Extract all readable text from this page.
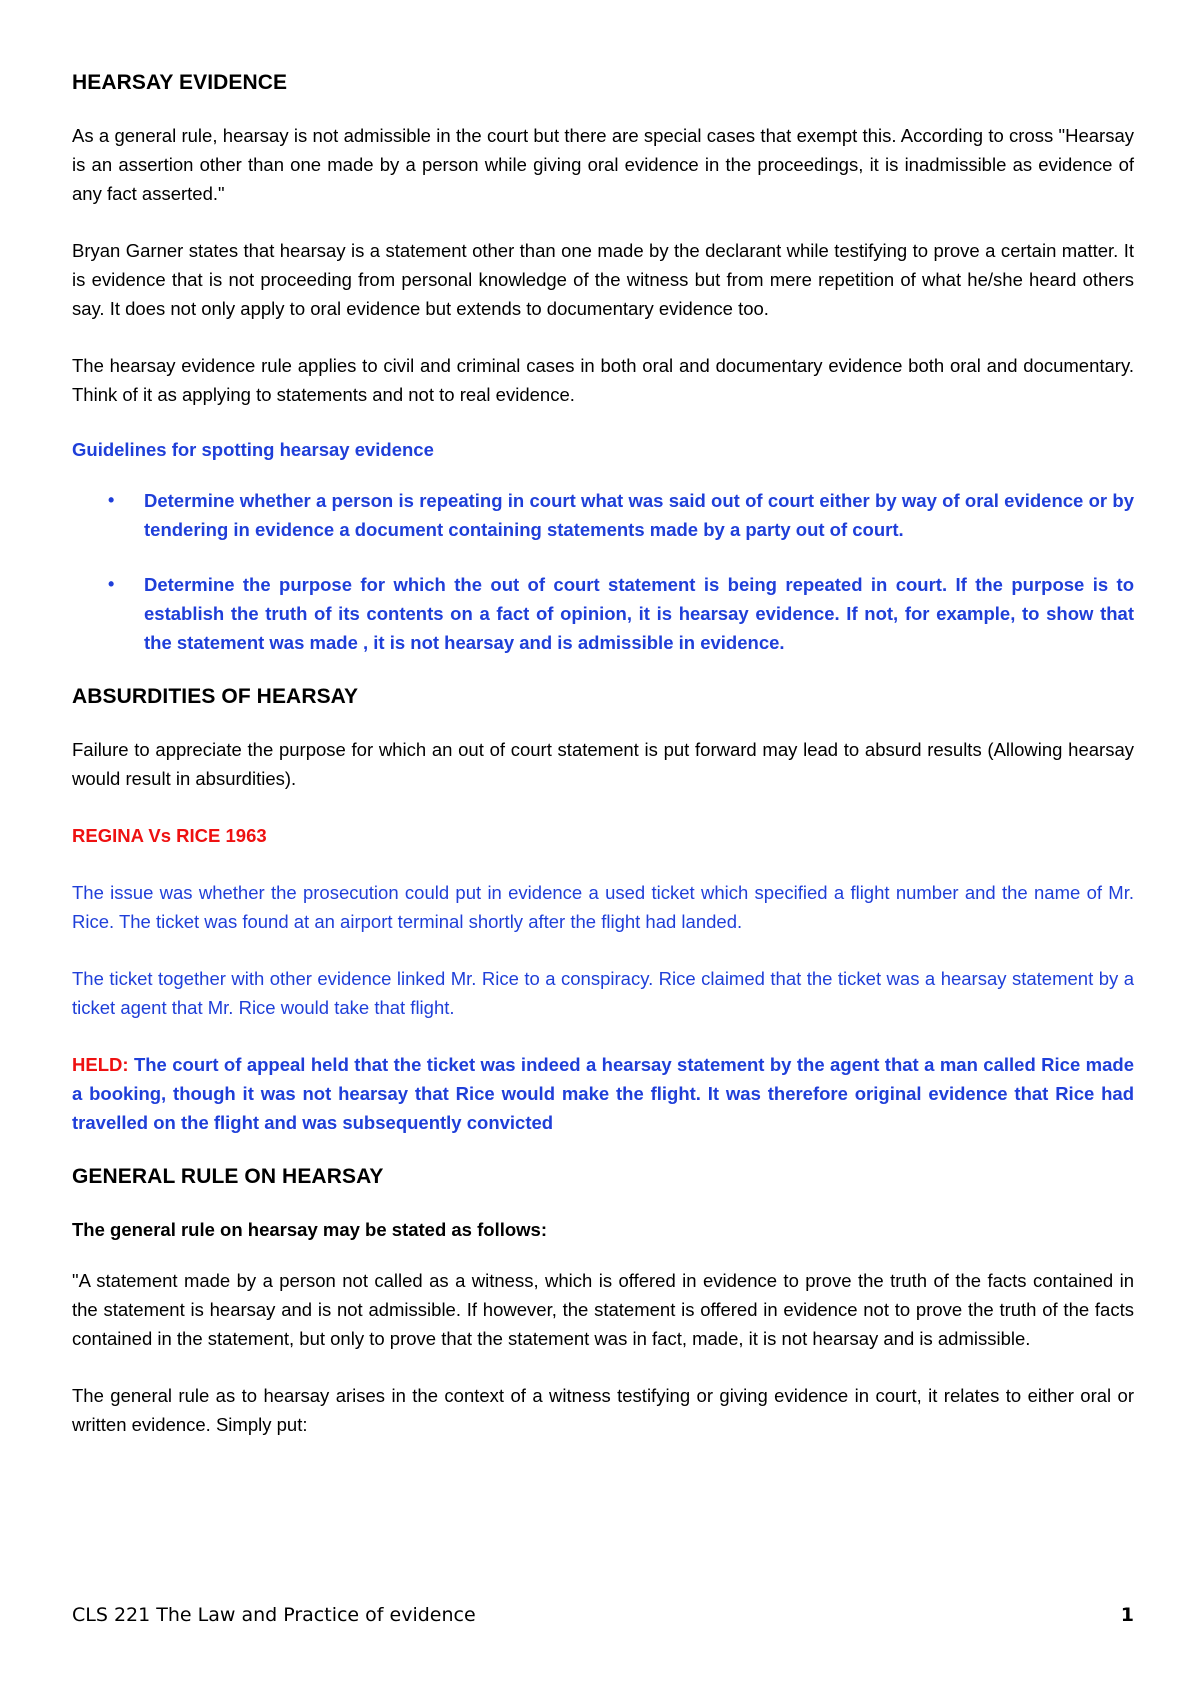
HEARSAY EVIDENCE

As a general rule, hearsay is not admissible in the court but there are special cases that exempt this. According to cross "Hearsay is an assertion other than one made by a person while giving oral evidence in the proceedings, it is inadmissible as evidence of any fact asserted."

Bryan Garner states that hearsay is a statement other than one made by the declarant while testifying to prove a certain matter. It is evidence that is not proceeding from personal knowledge of the witness but from mere repetition of what he/she heard others say. It does not only apply to oral evidence but extends to documentary evidence too.

The hearsay evidence rule applies to civil and criminal cases in both oral and documentary evidence both oral and documentary. Think of it as applying to statements and not to real evidence.

Guidelines for spotting hearsay evidence

• Determine whether a person is repeating in court what was said out of court either by way of oral evidence or by tendering in evidence a document containing statements made by a party out of court.
• Determine the purpose for which the out of court statement is being repeated in court. If the purpose is to establish the truth of its contents on a fact of opinion, it is hearsay evidence. If not, for example, to show that the statement was made , it is not hearsay and is admissible in evidence.
ABSURDITIES OF HEARSAY

Failure to appreciate the purpose for which an out of court statement is put forward may lead to absurd results (Allowing hearsay would result in absurdities).

REGINA Vs RICE 1963

The issue was whether the prosecution could put in evidence a used ticket which specified a flight number and the name of Mr. Rice. The ticket was found at an airport terminal shortly after the flight had landed.

The ticket together with other evidence linked Mr. Rice to a conspiracy. Rice claimed that the ticket was a hearsay statement by a ticket agent that Mr. Rice would take that flight.

HELD: The court of appeal held that the ticket was indeed a hearsay statement by the agent that a man called Rice made a booking, though it was not hearsay that Rice would make the flight. It was therefore original evidence that Rice had travelled on the flight and was subsequently convicted

GENERAL RULE ON HEARSAY

The general rule on hearsay may be stated as follows:

"A statement made by a person not called as a witness, which is offered in evidence to prove the truth of the facts contained in the statement is hearsay and is not admissible. If however, the statement is offered in evidence not to prove the truth of the facts contained in the statement, but only to prove that the statement was in fact, made, it is not hearsay and is admissible.

The general rule as to hearsay arises in the context of a witness testifying or giving evidence in court, it relates to either oral or written evidence. Simply put:

CLS 221 The Law and Practice of evidence	1
